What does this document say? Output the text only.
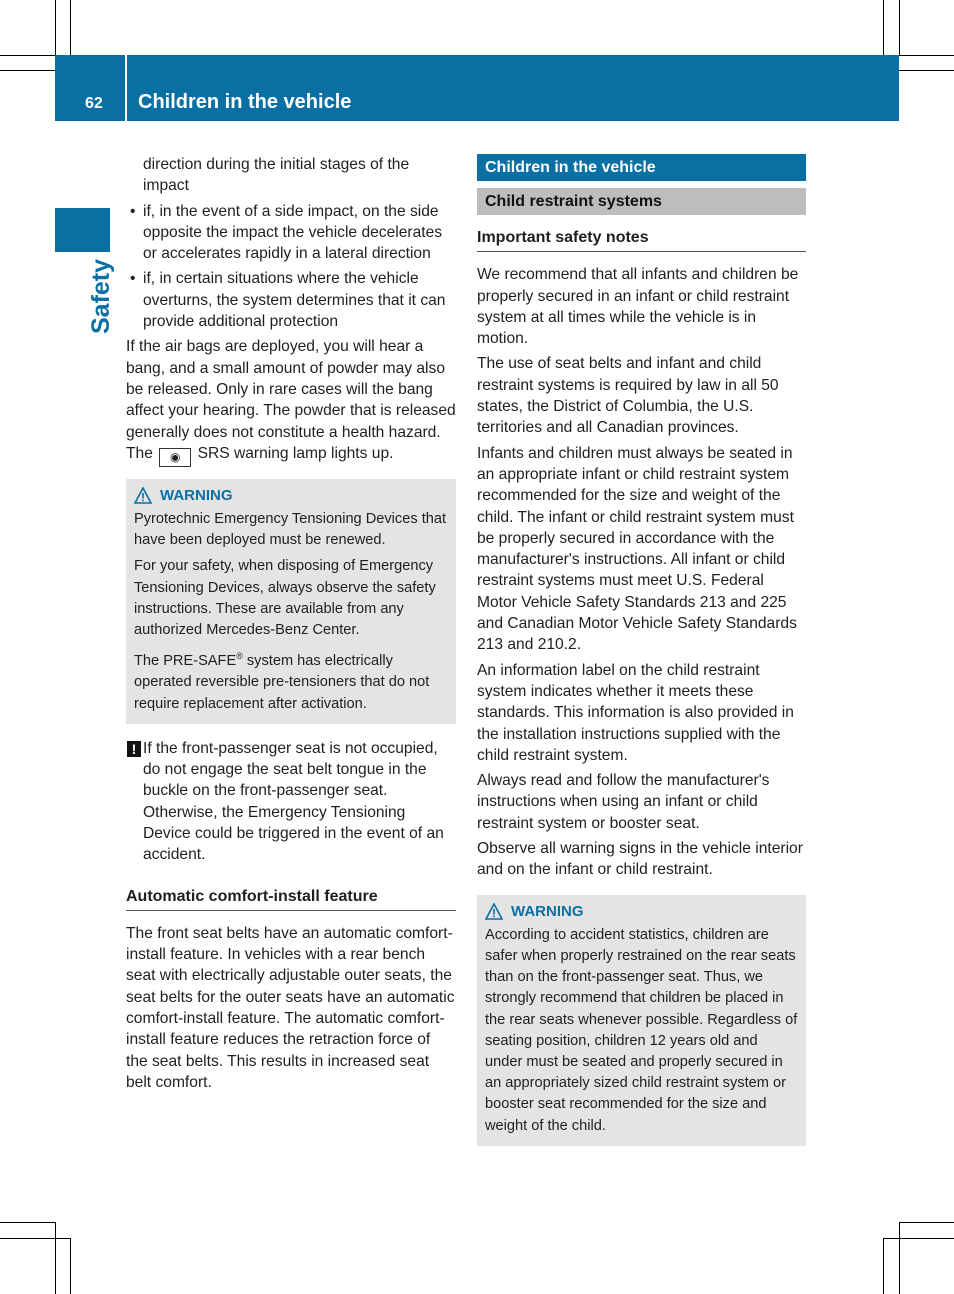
62 Children in the vehicle
Safety

direction during the initial stages of the impact

• if, in the event of a side impact, on the side opposite the impact the vehicle decelerates or accelerates rapidly in a lateral direction
• if, in certain situations where the vehicle overturns, the system determines that it can provide additional protection

If the air bags are deployed, you will hear a bang, and a small amount of powder may also be released. Only in rare cases will the bang affect your hearing. The powder that is released generally does not constitute a health hazard. The ◉ SRS warning lamp lights up.

WARNING

Pyrotechnic Emergency Tensioning Devices that have been deployed must be renewed.

For your safety, when disposing of Emergency Tensioning Devices, always observe the safety instructions. These are available from any authorized Mercedes-Benz Center.

The PRE-SAFE® system has electrically operated reversible pre-tensioners that do not require replacement after activation.

! If the front-passenger seat is not occupied, do not engage the seat belt tongue in the buckle on the front-passenger seat. Otherwise, the Emergency Tensioning Device could be triggered in the event of an accident.
Automatic comfort-install feature

The front seat belts have an automatic comfort-install feature. In vehicles with a rear bench seat with electrically adjustable outer seats, the seat belts for the outer seats have an automatic comfort-install feature. The automatic comfort-install feature reduces the retraction force of the seat belts. This results in increased seat belt comfort.

Children in the vehicle
Child restraint systems
Important safety notes

We recommend that all infants and children be properly secured in an infant or child restraint system at all times while the vehicle is in motion.

The use of seat belts and infant and child restraint systems is required by law in all 50 states, the District of Columbia, the U.S. territories and all Canadian provinces.

Infants and children must always be seated in an appropriate infant or child restraint system recommended for the size and weight of the child. The infant or child restraint system must be properly secured in accordance with the manufacturer's instructions. All infant or child restraint systems must meet U.S. Federal Motor Vehicle Safety Standards 213 and 225 and Canadian Motor Vehicle Safety Standards 213 and 210.2.

An information label on the child restraint system indicates whether it meets these standards. This information is also provided in the installation instructions supplied with the child restraint system.

Always read and follow the manufacturer's instructions when using an infant or child restraint system or booster seat.

Observe all warning signs in the vehicle interior and on the infant or child restraint.

WARNING

According to accident statistics, children are safer when properly restrained on the rear seats than on the front-passenger seat. Thus, we strongly recommend that children be placed in the rear seats whenever possible. Regardless of seating position, children 12 years old and under must be seated and properly secured in an appropriately sized child restraint system or booster seat recommended for the size and weight of the child.
